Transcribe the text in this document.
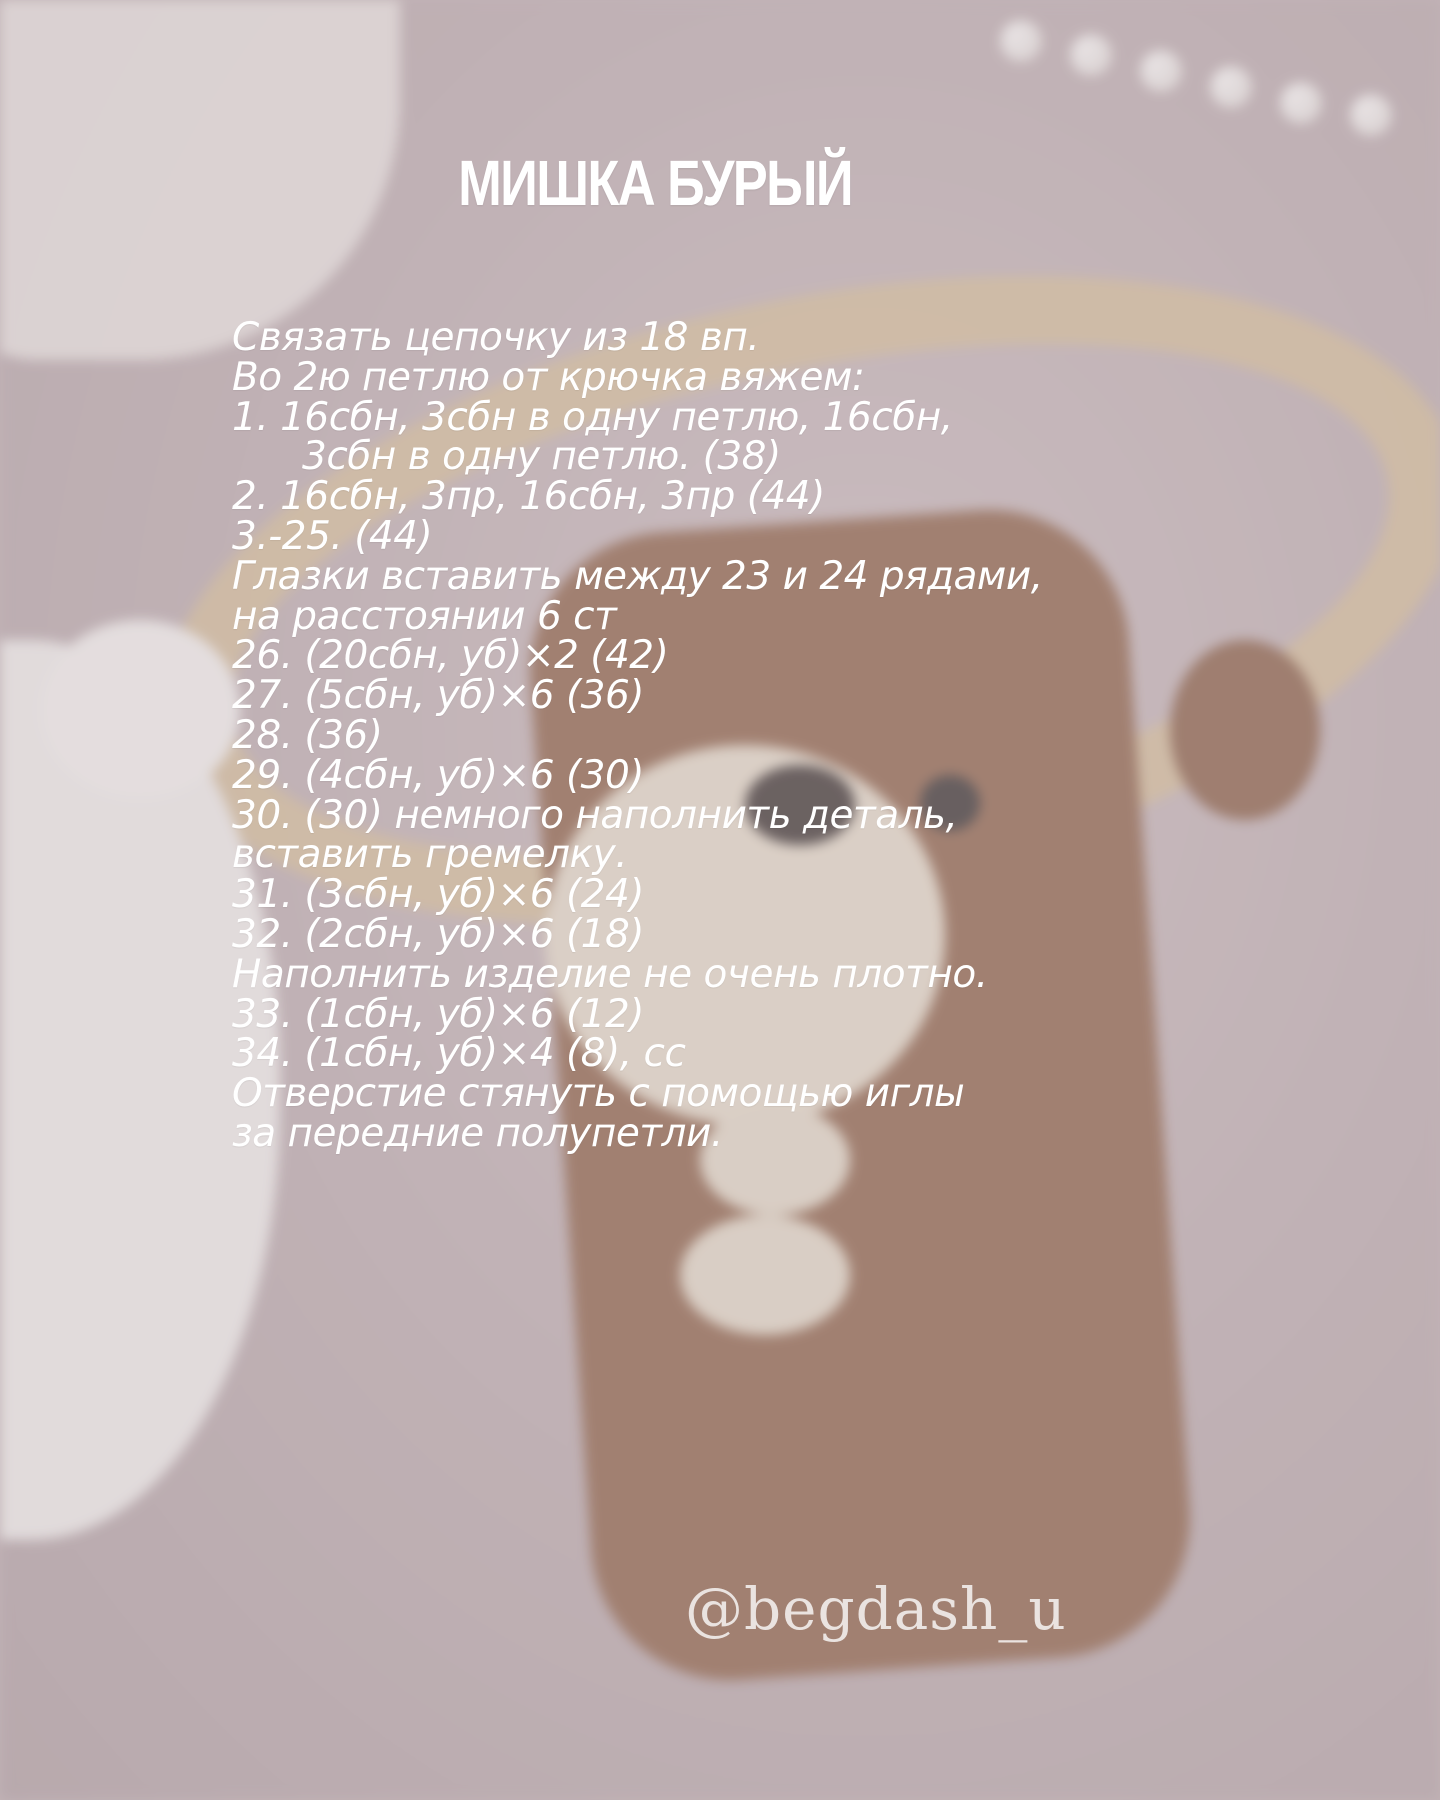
МИШКА БУРЫЙ
Связать цепочку из 18 вп.
Во 2ю петлю от крючка вяжем:
1. 16сбн, 3сбн в одну петлю, 16сбн,
3сбн в одну петлю. (38)
2. 16сбн, 3пр, 16сбн, 3пр (44)
3.-25. (44)
Глазки вставить между 23 и 24 рядами,
на расстоянии 6 ст
26. (20сбн, уб)×2 (42)
27. (5сбн, уб)×6 (36)
28. (36)
29. (4сбн, уб)×6 (30)
30. (30) немного наполнить деталь,
вставить гремелку.
31. (3сбн, уб)×6 (24)
32. (2сбн, уб)×6 (18)
Наполнить изделие не очень плотно.
33. (1сбн, уб)×6 (12)
34. (1сбн, уб)×4 (8), сс
Отверстие стянуть с помощью иглы
за передние полупетли.
@begdash_u
